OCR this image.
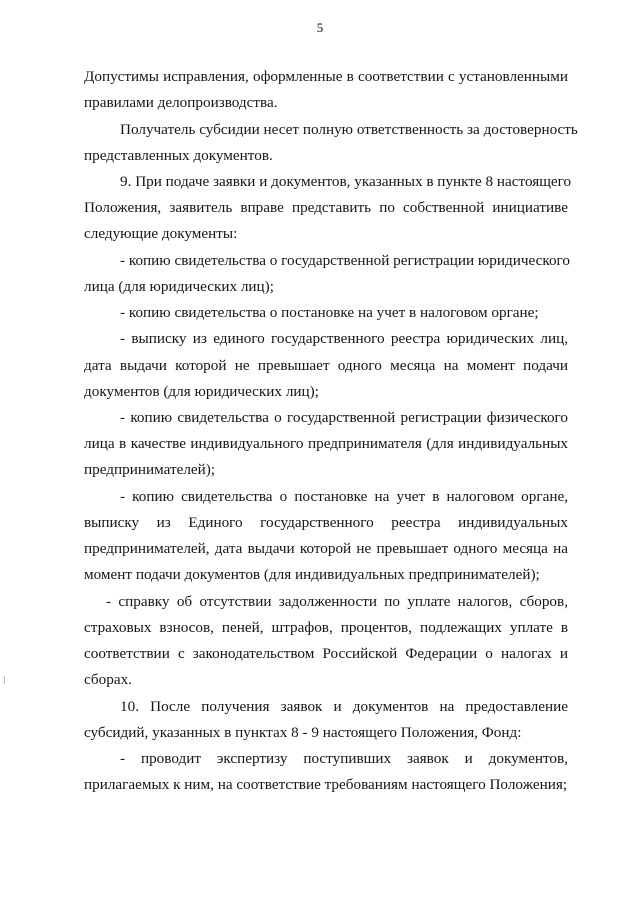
5
Допустимы исправления, оформленные в соответствии с установленными
правилами делопроизводства.
Получатель субсидии несет полную ответственность за достоверность
представленных документов.
9. При подаче заявки и документов, указанных в пункте 8 настоящего
Положения, заявитель вправе представить по собственной инициативе
следующие документы:
- копию свидетельства о государственной регистрации юридического
лица (для юридических лиц);
- копию свидетельства о постановке на учет в налоговом органе;
- выписку из единого государственного реестра юридических лиц,
дата выдачи которой не превышает одного месяца на момент подачи
документов (для юридических лиц);
- копию свидетельства о государственной регистрации физического
лица в качестве индивидуального предпринимателя (для индивидуальных
предпринимателей);
- копию свидетельства о постановке на учет в налоговом органе,
выписку из Единого государственного реестра индивидуальных
предпринимателей, дата выдачи которой не превышает одного месяца на
момент подачи документов (для индивидуальных предпринимателей);
- справку об отсутствии задолженности по уплате налогов, сборов,
страховых взносов, пеней, штрафов, процентов, подлежащих уплате в
соответствии с законодательством Российской Федерации о налогах и
сборах.
10. После получения заявок и документов на предоставление
субсидий, указанных в пунктах 8 - 9 настоящего Положения, Фонд:
- проводит экспертизу поступивших заявок и документов,
прилагаемых к ним, на соответствие требованиям настоящего Положения;
